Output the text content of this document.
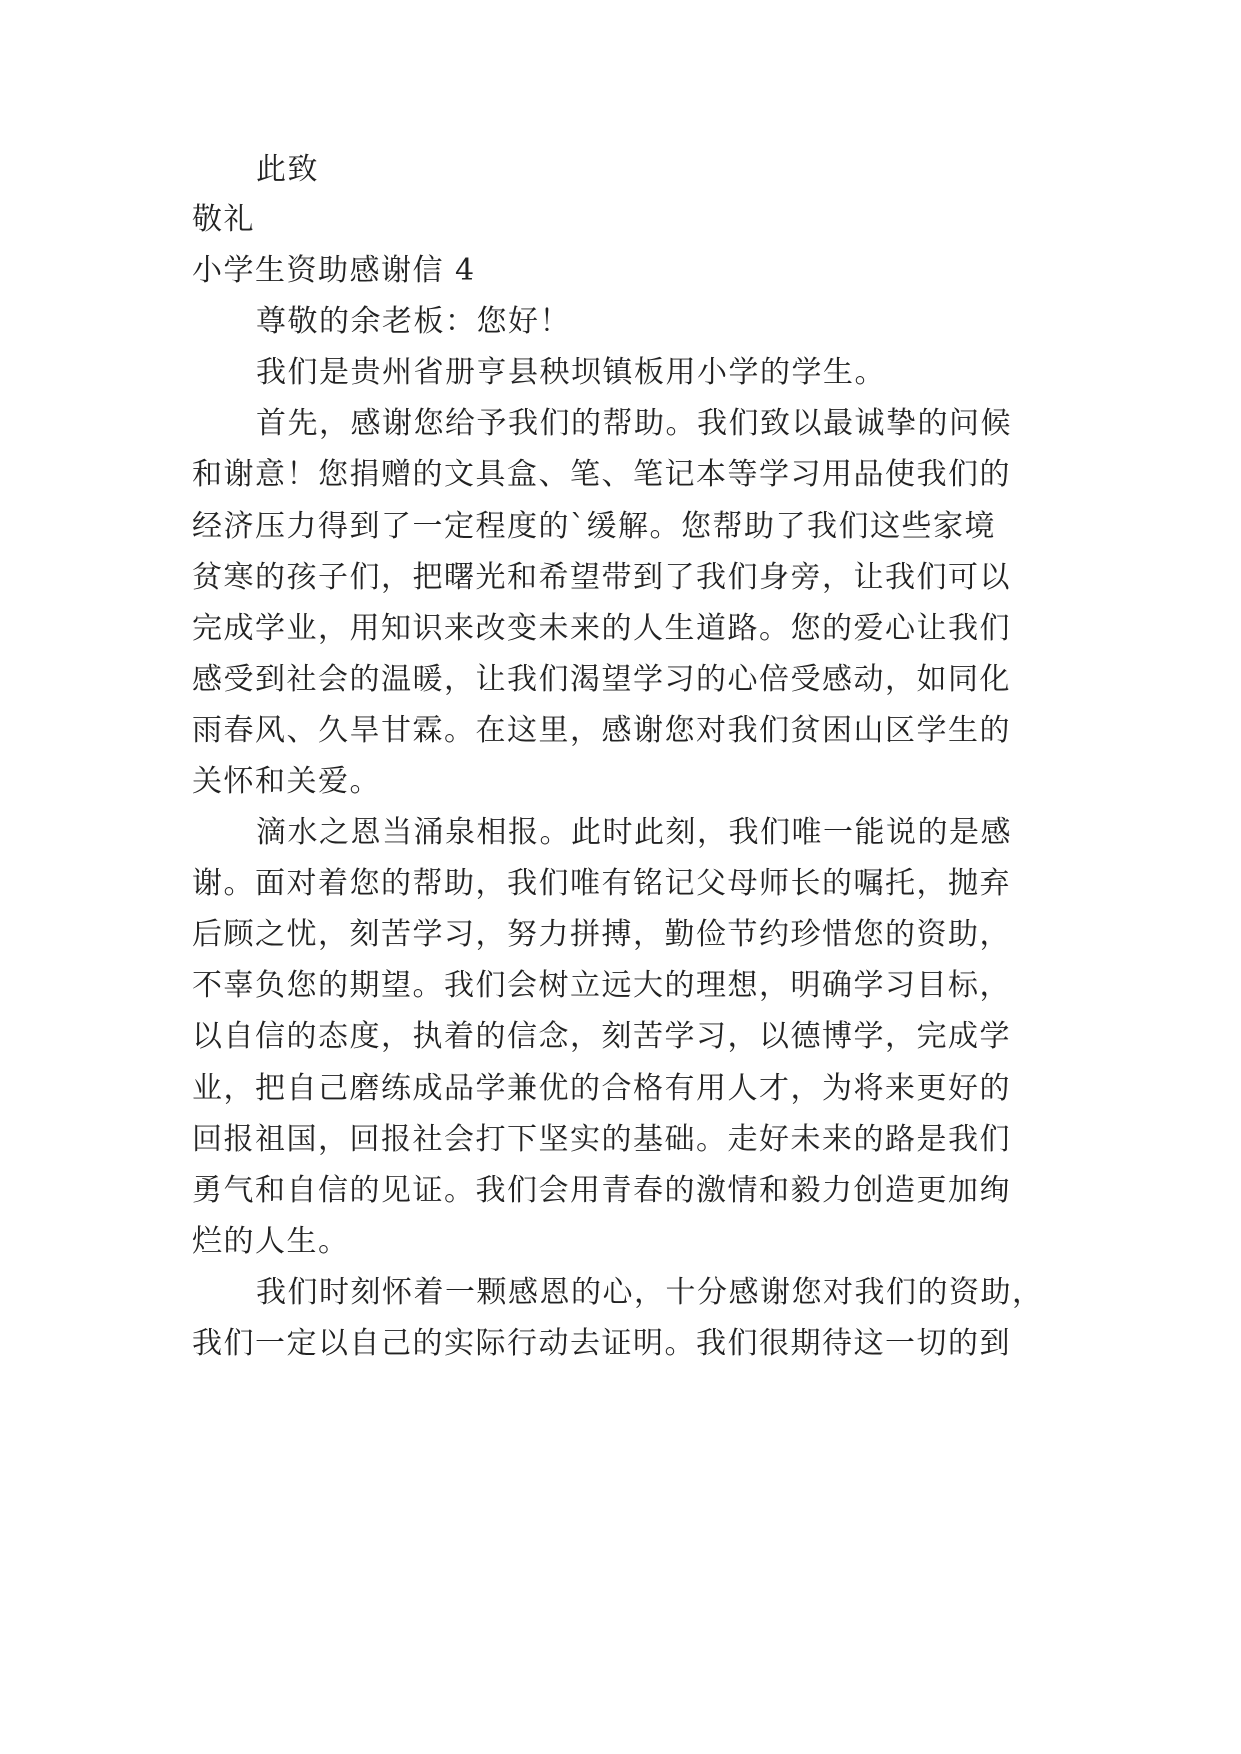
此致
敬礼
小学生资助感谢信 4
尊敬的余老板：您好！
我们是贵州省册亨县秧坝镇板用小学的学生。
首先，感谢您给予我们的帮助。我们致以最诚挚的问候
和谢意！您捐赠的文具盒、笔、笔记本等学习用品使我们的
经济压力得到了一定程度的`缓解。您帮助了我们这些家境
贫寒的孩子们，把曙光和希望带到了我们身旁，让我们可以
完成学业，用知识来改变未来的人生道路。您的爱心让我们
感受到社会的温暖，让我们渴望学习的心倍受感动，如同化
雨春风、久旱甘霖。在这里，感谢您对我们贫困山区学生的
关怀和关爱。
滴水之恩当涌泉相报。此时此刻，我们唯一能说的是感
谢。面对着您的帮助，我们唯有铭记父母师长的嘱托，抛弃
后顾之忧，刻苦学习，努力拼搏，勤俭节约珍惜您的资助，
不辜负您的期望。我们会树立远大的理想，明确学习目标，
以自信的态度，执着的信念，刻苦学习，以德博学，完成学
业，把自己磨练成品学兼优的合格有用人才，为将来更好的
回报祖国，回报社会打下坚实的基础。走好未来的路是我们
勇气和自信的见证。我们会用青春的激情和毅力创造更加绚
烂的人生。
我们时刻怀着一颗感恩的心，十分感谢您对我们的资助，
我们一定以自己的实际行动去证明。我们很期待这一切的到
